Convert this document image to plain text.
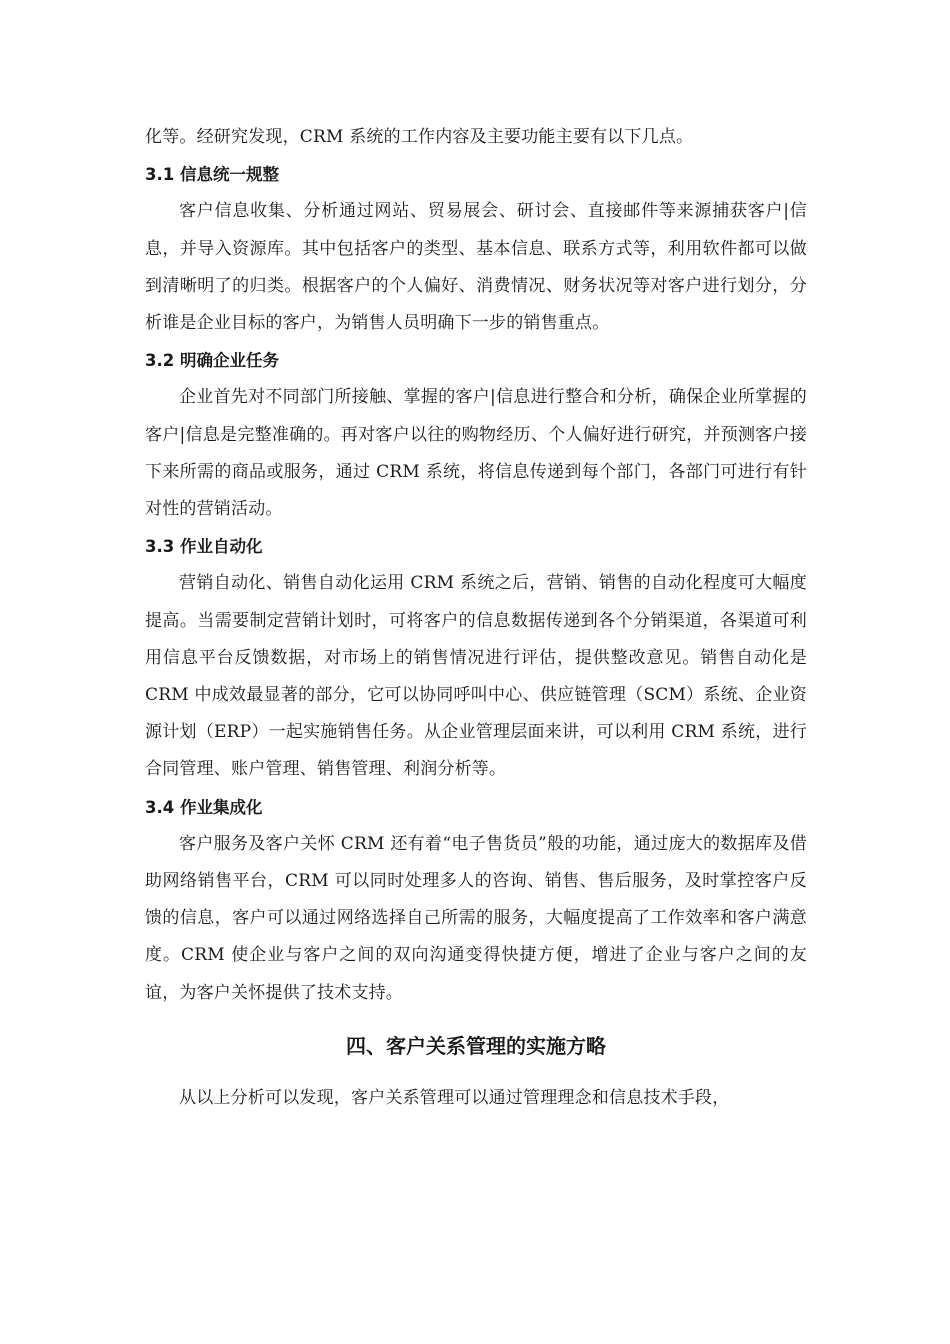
化等。经研究发现，CRM 系统的工作内容及主要功能主要有以下几点。

3.1 信息统一规整

客户信息收集、分析通过网站、贸易展会、研讨会、直接邮件等来源捕获客户|信息，并导入资源库。其中包括客户的类型、基本信息、联系方式等，利用软件都可以做到清晰明了的归类。根据客户的个人偏好、消费情况、财务状况等对客户进行划分，分析谁是企业目标的客户，为销售人员明确下一步的销售重点。

3.2 明确企业任务

企业首先对不同部门所接触、掌握的客户|信息进行整合和分析，确保企业所掌握的客户|信息是完整准确的。再对客户以往的购物经历、个人偏好进行研究，并预测客户接下来所需的商品或服务，通过 CRM 系统，将信息传递到每个部门，各部门可进行有针对性的营销活动。

3.3 作业自动化

营销自动化、销售自动化运用 CRM 系统之后，营销、销售的自动化程度可大幅度提高。当需要制定营销计划时，可将客户的信息数据传递到各个分销渠道，各渠道可利用信息平台反馈数据，对市场上的销售情况进行评估，提供整改意见。销售自动化是 CRM 中成效最显著的部分，它可以协同呼叫中心、供应链管理（SCM）系统、企业资源计划（ERP）一起实施销售任务。从企业管理层面来讲，可以利用 CRM 系统，进行合同管理、账户管理、销售管理、利润分析等。

3.4 作业集成化

客户服务及客户关怀 CRM 还有着“电子售货员”般的功能，通过庞大的数据库及借助网络销售平台，CRM 可以同时处理多人的咨询、销售、售后服务，及时掌控客户反馈的信息，客户可以通过网络选择自己所需的服务，大幅度提高了工作效率和客户满意度。CRM 使企业与客户之间的双向沟通变得快捷方便，增进了企业与客户之间的友谊，为客户关怀提供了技术支持。

四、客户关系管理的实施方略

从以上分析可以发现，客户关系管理可以通过管理理念和信息技术手段，
